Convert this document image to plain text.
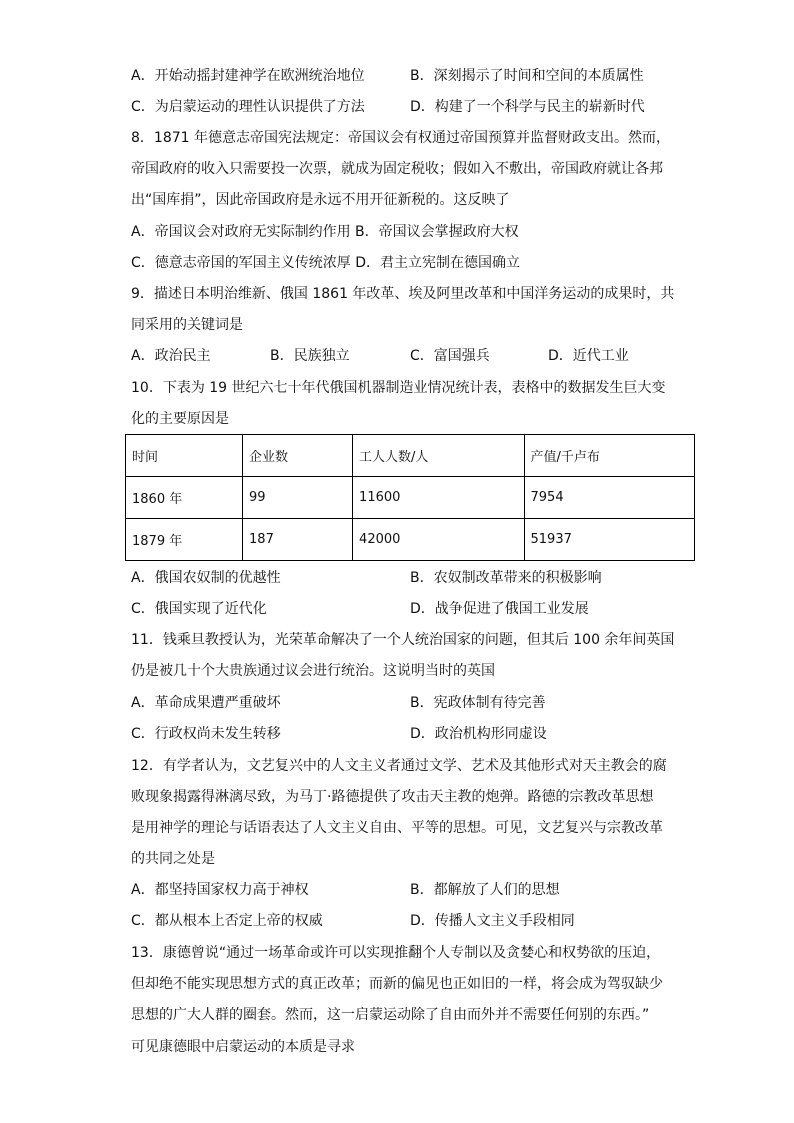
A．开始动摇封建神学在欧洲统治地位	B．深刻揭示了时间和空间的本质属性
C．为启蒙运动的理性认识提供了方法	D．构建了一个科学与民主的崭新时代
8．1871 年德意志帝国宪法规定：帝国议会有权通过帝国预算并监督财政支出。然而，
帝国政府的收入只需要投一次票，就成为固定税收；假如入不敷出，帝国政府就让各邦
出“国库捐”，因此帝国政府是永远不用开征新税的。这反映了
A．帝国议会对政府无实际制约作用 B．帝国议会掌握政府大权
C．德意志帝国的军国主义传统浓厚 D．君主立宪制在德国确立
9．描述日本明治维新、俄国 1861 年改革、埃及阿里改革和中国洋务运动的成果时，共
同采用的关键词是
A．政治民主	B．民族独立	C．富国强兵	D．近代工业
10．下表为 19 世纪六七十年代俄国机器制造业情况统计表，表格中的数据发生巨大变
化的主要原因是
时间	企业数	工人人数/人	产值/千卢布
1860 年	99	11600	7954
1879 年	187	42000	51937
A．俄国农奴制的优越性	B．农奴制改革带来的积极影响
C．俄国实现了近代化	D．战争促进了俄国工业发展
11．钱乘旦教授认为，光荣革命解决了一个人统治国家的问题，但其后 100 余年间英国
仍是被几十个大贵族通过议会进行统治。这说明当时的英国
A．革命成果遭严重破坏	B．宪政体制有待完善
C．行政权尚未发生转移	D．政治机构形同虚设
12．有学者认为，文艺复兴中的人文主义者通过文学、艺术及其他形式对天主教会的腐
败现象揭露得淋漓尽致，为马丁·路德提供了攻击天主教的炮弹。路德的宗教改革思想
是用神学的理论与话语表达了人文主义自由、平等的思想。可见，文艺复兴与宗教改革
的共同之处是
A．都坚持国家权力高于神权	B．都解放了人们的思想
C．都从根本上否定上帝的权威	D．传播人文主义手段相同
13．康德曾说“通过一场革命或许可以实现推翻个人专制以及贪婪心和权势欲的压迫，
但却绝不能实现思想方式的真正改革；而新的偏见也正如旧的一样，将会成为驾驭缺少
思想的广大人群的圈套。然而，这一启蒙运动除了自由而外并不需要任何别的东西。”
可见康德眼中启蒙运动的本质是寻求
